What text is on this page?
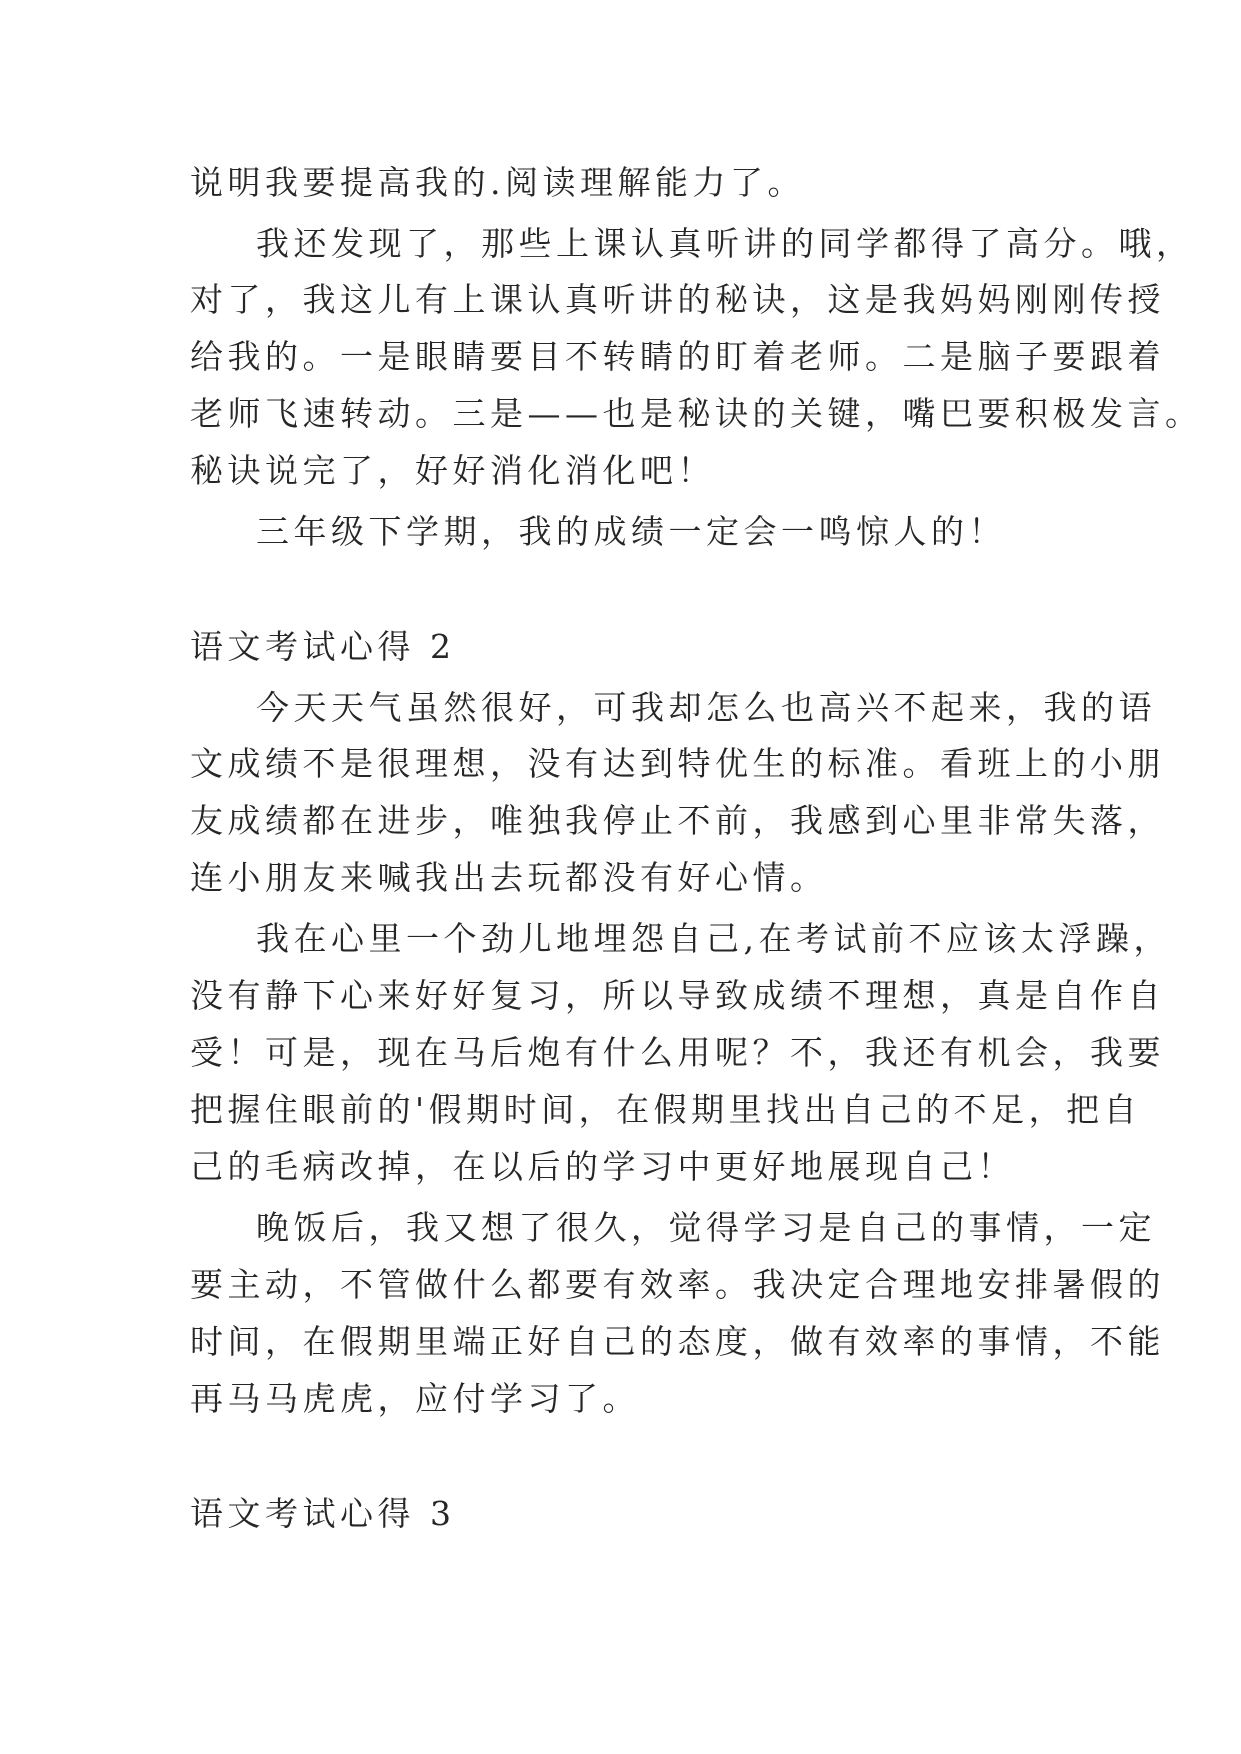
说明我要提高我的.阅读理解能力了。

我还发现了，那些上课认真听讲的同学都得了高分。哦，

对了，我这儿有上课认真听讲的秘诀，这是我妈妈刚刚传授

给我的。一是眼睛要目不转睛的盯着老师。二是脑子要跟着

老师飞速转动。三是——也是秘诀的关键，嘴巴要积极发言。

秘诀说完了，好好消化消化吧！

三年级下学期，我的成绩一定会一鸣惊人的！

语文考试心得 2

今天天气虽然很好，可我却怎么也高兴不起来，我的语

文成绩不是很理想，没有达到特优生的标准。看班上的小朋

友成绩都在进步，唯独我停止不前，我感到心里非常失落，

连小朋友来喊我出去玩都没有好心情。

我在心里一个劲儿地埋怨自己,在考试前不应该太浮躁，

没有静下心来好好复习，所以导致成绩不理想，真是自作自

受！可是，现在马后炮有什么用呢？不，我还有机会，我要

把握住眼前的'假期时间，在假期里找出自己的不足，把自

己的毛病改掉，在以后的学习中更好地展现自己！

晚饭后，我又想了很久，觉得学习是自己的事情，一定

要主动，不管做什么都要有效率。我决定合理地安排暑假的

时间，在假期里端正好自己的态度，做有效率的事情，不能

再马马虎虎，应付学习了。

语文考试心得 3
